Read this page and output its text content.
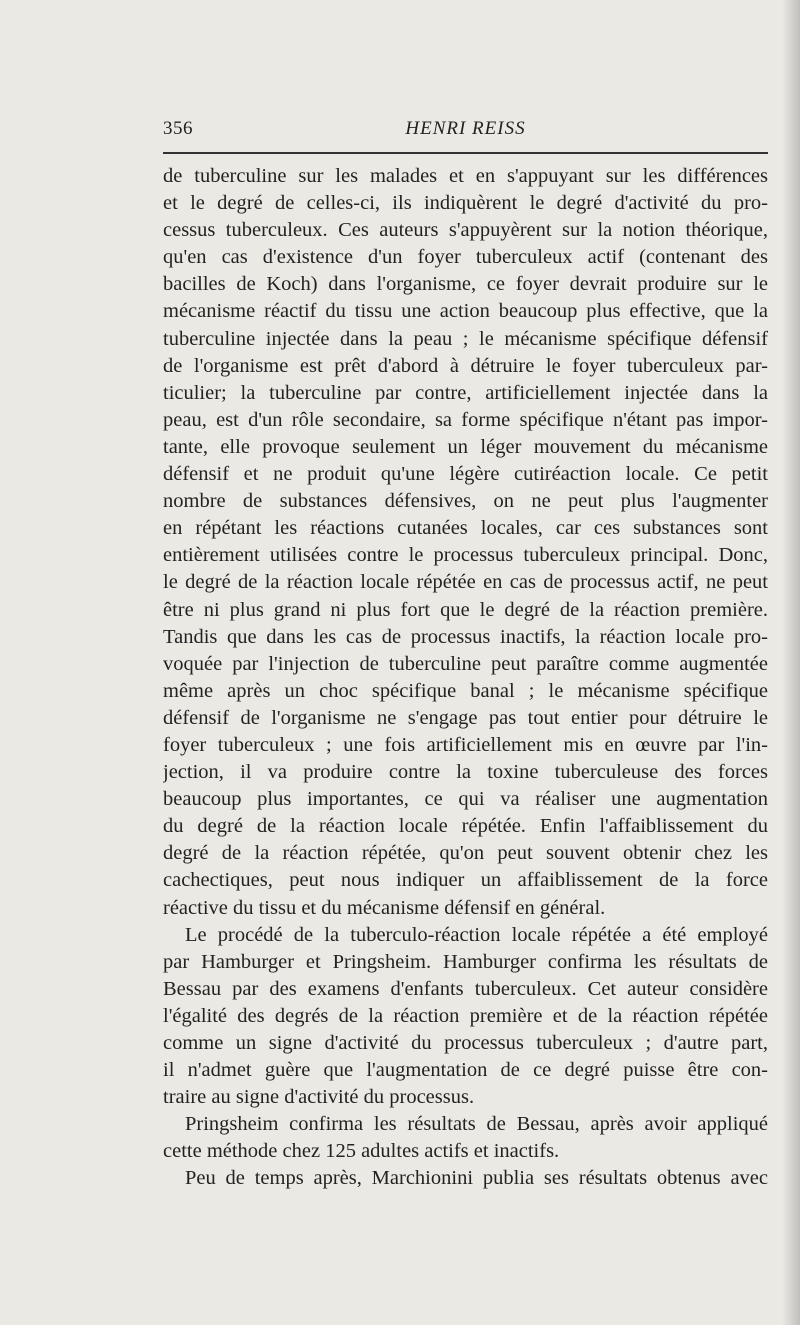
356	HENRI REISS
de tuberculine sur les malades et en s'appuyant sur les différences
et le degré de celles-ci, ils indiquèrent le degré d'activité du pro-
cessus tuberculeux. Ces auteurs s'appuyèrent sur la notion théorique,
qu'en cas d'existence d'un foyer tuberculeux actif (contenant des
bacilles de Koch) dans l'organisme, ce foyer devrait produire sur le
mécanisme réactif du tissu une action beaucoup plus effective, que la
tuberculine injectée dans la peau ; le mécanisme spécifique défensif
de l'organisme est prêt d'abord à détruire le foyer tuberculeux par-
ticulier; la tuberculine par contre, artificiellement injectée dans la
peau, est d'un rôle secondaire, sa forme spécifique n'étant pas impor-
tante, elle provoque seulement un léger mouvement du mécanisme
défensif et ne produit qu'une légère cutiréaction locale. Ce petit
nombre de substances défensives, on ne peut plus l'augmenter
en répétant les réactions cutanées locales, car ces substances sont
entièrement utilisées contre le processus tuberculeux principal. Donc,
le degré de la réaction locale répétée en cas de processus actif, ne peut
être ni plus grand ni plus fort que le degré de la réaction première.
Tandis que dans les cas de processus inactifs, la réaction locale pro-
voquée par l'injection de tuberculine peut paraître comme augmentée
même après un choc spécifique banal ; le mécanisme spécifique
défensif de l'organisme ne s'engage pas tout entier pour détruire le
foyer tuberculeux ; une fois artificiellement mis en œuvre par l'in-
jection, il va produire contre la toxine tuberculeuse des forces
beaucoup plus importantes, ce qui va réaliser une augmentation
du degré de la réaction locale répétée. Enfin l'affaiblissement du
degré de la réaction répétée, qu'on peut souvent obtenir chez les
cachectiques, peut nous indiquer un affaiblissement de la force
réactive du tissu et du mécanisme défensif en général.
Le procédé de la tuberculo-réaction locale répétée a été employé
par Hamburger et Pringsheim. Hamburger confirma les résultats de
Bessau par des examens d'enfants tuberculeux. Cet auteur considère
l'égalité des degrés de la réaction première et de la réaction répétée
comme un signe d'activité du processus tuberculeux ; d'autre part,
il n'admet guère que l'augmentation de ce degré puisse être con-
traire au signe d'activité du processus.
Pringsheim confirma les résultats de Bessau, après avoir appliqué
cette méthode chez 125 adultes actifs et inactifs.
Peu de temps après, Marchionini publia ses résultats obtenus avec
